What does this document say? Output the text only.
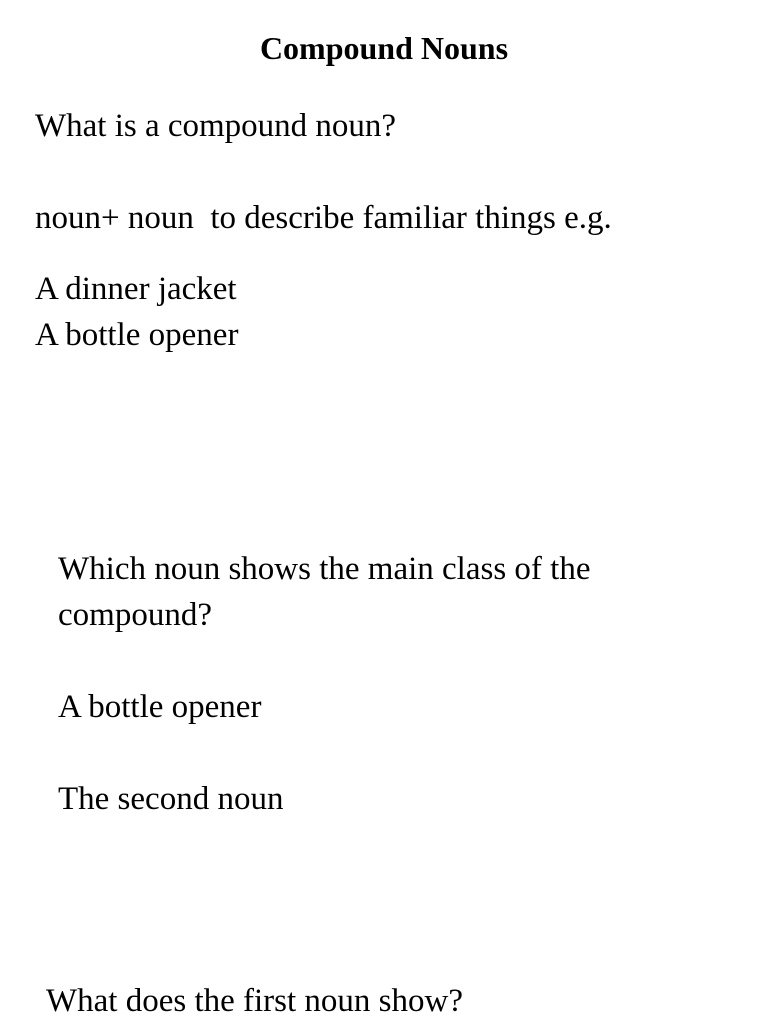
Compound Nouns

What is a compound noun?

noun+ noun  to describe familiar things e.g.

A dinner jacket

A bottle opener

Which noun shows the main class of the

compound?

A bottle opener

The second noun

What does the first noun show?
